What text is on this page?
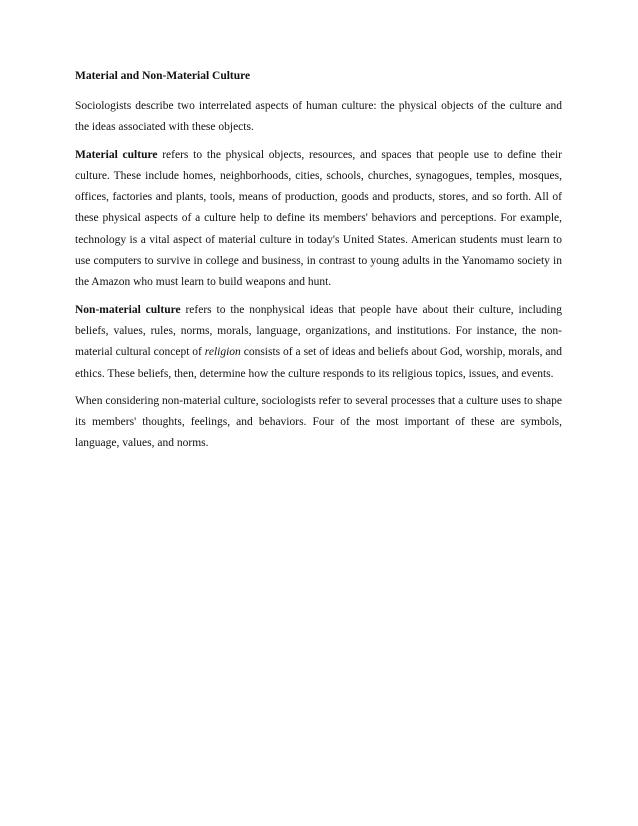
Material and Non-Material Culture

Sociologists describe two interrelated aspects of human culture: the physical objects of the culture and the ideas associated with these objects.

Material culture refers to the physical objects, resources, and spaces that people use to define their culture. These include homes, neighborhoods, cities, schools, churches, synagogues, temples, mosques, offices, factories and plants, tools, means of production, goods and products, stores, and so forth. All of these physical aspects of a culture help to define its members' behaviors and perceptions. For example, technology is a vital aspect of material culture in today's United States. American students must learn to use computers to survive in college and business, in contrast to young adults in the Yanomamo society in the Amazon who must learn to build weapons and hunt.

Non-material culture refers to the nonphysical ideas that people have about their culture, including beliefs, values, rules, norms, morals, language, organizations, and institutions. For instance, the non-material cultural concept of religion consists of a set of ideas and beliefs about God, worship, morals, and ethics. These beliefs, then, determine how the culture responds to its religious topics, issues, and events.

When considering non-material culture, sociologists refer to several processes that a culture uses to shape its members' thoughts, feelings, and behaviors. Four of the most important of these are symbols, language, values, and norms.
